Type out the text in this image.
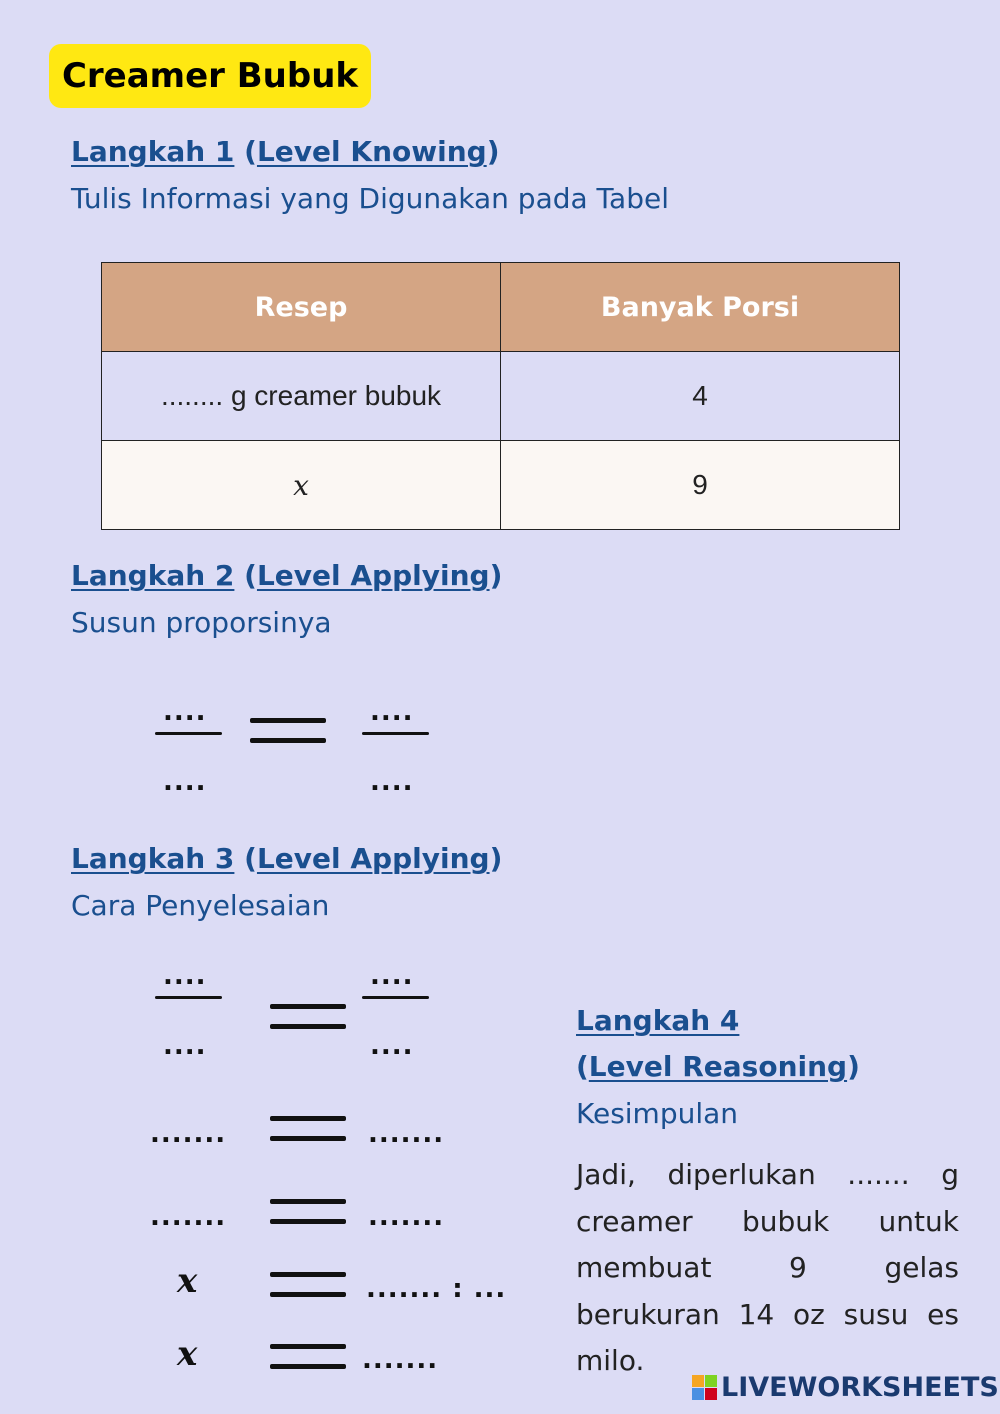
Creamer Bubuk
Langkah 1 (Level Knowing)
Tulis Informasi yang Digunakan pada Tabel
Resep	Banyak Porsi
........ g creamer bubuk	4
x	9
Langkah 2 (Level Applying)
Susun proporsinya
....
....
....
....
Langkah 3 (Level Applying)
Cara Penyelesaian
....
....
....
....
.......	.......
.......	.......
x	....... : ...
x	.......
Langkah 4
(Level Reasoning)
Kesimpulan
Jadi, diperlukan ....... g creamer bubuk untuk membuat 9 gelas berukuran 14 oz susu es milo.
LIVEWORKSHEETS
